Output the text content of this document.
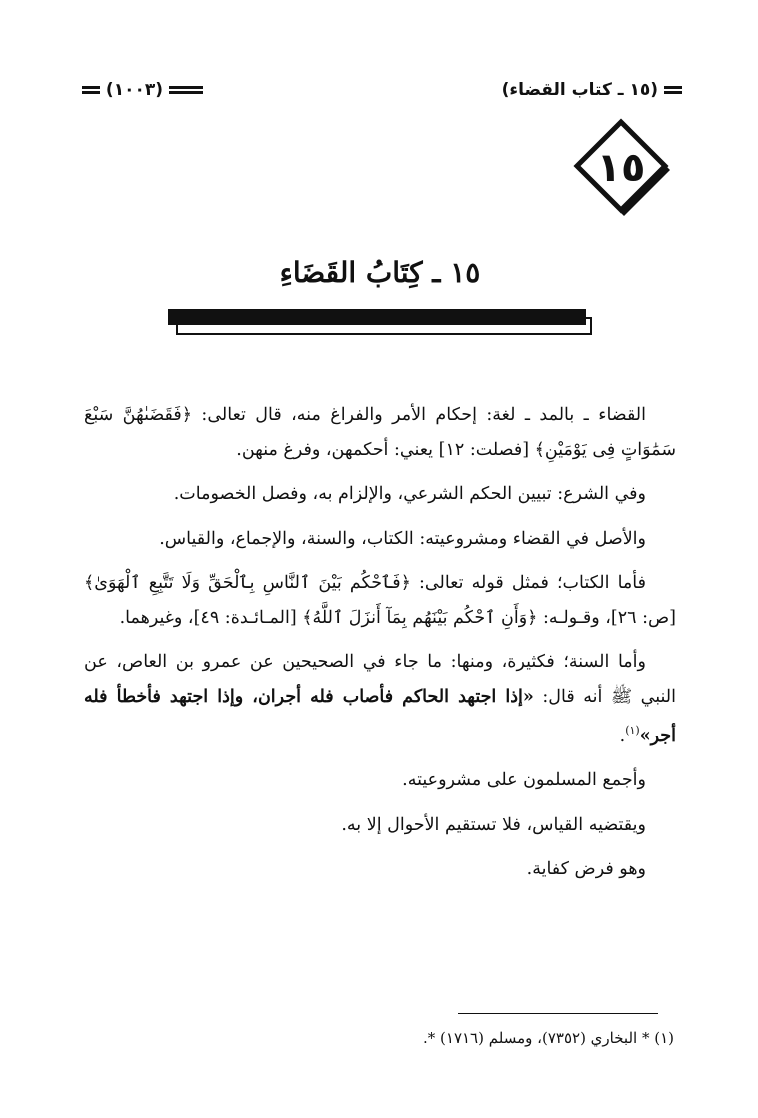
(١٥ ـ كتاب القضاء)
(١٠٠٣)
١٥
١٥ ـ كِتَابُ القَضَاءِ

القضاء ـ بالمد ـ لغة: إحكام الأمر والفراغ منه، قال تعالى: ﴿فَقَضَىٰهُنَّ سَبْعَ سَمَٰوَاتٍ فِى يَوْمَيْنِ﴾ [فصلت: ١٢] يعني: أحكمهن، وفرغ منهن.

وفي الشرع: تبيين الحكم الشرعي، والإلزام به، وفصل الخصومات.

والأصل في القضاء ومشروعيته: الكتاب، والسنة، والإجماع، والقياس.

فأما الكتاب؛ فمثل قوله تعالى: ﴿فَٱحْكُم بَيْنَ ٱلنَّاسِ بِٱلْحَقِّ وَلَا تَتَّبِعِ ٱلْهَوَىٰ﴾ [ص: ٢٦]، وقـولـه: ﴿وَأَنِ ٱحْكُم بَيْنَهُم بِمَآ أَنزَلَ ٱللَّهُ﴾ [المـائـدة: ٤٩]، وغيرهما.

وأما السنة؛ فكثيرة، ومنها: ما جاء في الصحيحين عن عمرو بن العاص، عن النبي ﷺ أنه قال: «إذا اجتهد الحاكم فأصاب فله أجران، وإذا اجتهد فأخطأ فله أجر»$^{(١)}$.

وأجمع المسلمون على مشروعيته.

ويقتضيه القياس، فلا تستقيم الأحوال إلا به.

وهو فرض كفاية.

(١) * البخاري (٧٣٥٢)، ومسلم (١٧١٦) *.
